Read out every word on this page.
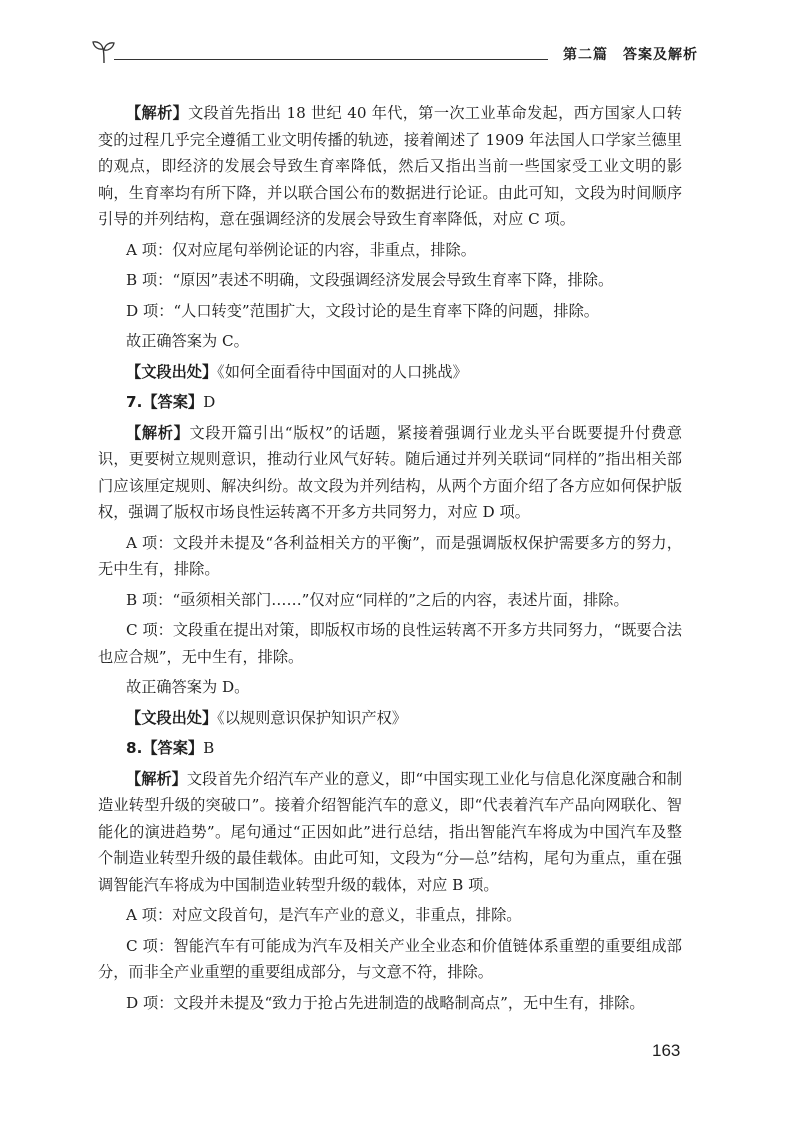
第二篇　答案及解析

【解析】文段首先指出 18 世纪 40 年代，第一次工业革命发起，西方国家人口转变的过程几乎完全遵循工业文明传播的轨迹，接着阐述了 1909 年法国人口学家兰德里的观点，即经济的发展会导致生育率降低，然后又指出当前一些国家受工业文明的影响，生育率均有所下降，并以联合国公布的数据进行论证。由此可知，文段为时间顺序引导的并列结构，意在强调经济的发展会导致生育率降低，对应 C 项。

A 项：仅对应尾句举例论证的内容，非重点，排除。

B 项：“原因”表述不明确，文段强调经济发展会导致生育率下降，排除。

D 项：“人口转变”范围扩大，文段讨论的是生育率下降的问题，排除。

故正确答案为 C。

【文段出处】《如何全面看待中国面对的人口挑战》

7.【答案】D

【解析】文段开篇引出“版权”的话题，紧接着强调行业龙头平台既要提升付费意识，更要树立规则意识，推动行业风气好转。随后通过并列关联词“同样的”指出相关部门应该厘定规则、解决纠纷。故文段为并列结构，从两个方面介绍了各方应如何保护版权，强调了版权市场良性运转离不开多方共同努力，对应 D 项。

A 项：文段并未提及“各利益相关方的平衡”，而是强调版权保护需要多方的努力，无中生有，排除。

B 项：“亟须相关部门……”仅对应“同样的”之后的内容，表述片面，排除。

C 项：文段重在提出对策，即版权市场的良性运转离不开多方共同努力，“既要合法也应合规”，无中生有，排除。

故正确答案为 D。

【文段出处】《以规则意识保护知识产权》

8.【答案】B

【解析】文段首先介绍汽车产业的意义，即“中国实现工业化与信息化深度融合和制造业转型升级的突破口”。接着介绍智能汽车的意义，即“代表着汽车产品向网联化、智能化的演进趋势”。尾句通过“正因如此”进行总结，指出智能汽车将成为中国汽车及整个制造业转型升级的最佳载体。由此可知，文段为“分—总”结构，尾句为重点，重在强调智能汽车将成为中国制造业转型升级的载体，对应 B 项。

A 项：对应文段首句，是汽车产业的意义，非重点，排除。

C 项：智能汽车有可能成为汽车及相关产业全业态和价值链体系重塑的重要组成部分，而非全产业重塑的重要组成部分，与文意不符，排除。

D 项：文段并未提及“致力于抢占先进制造的战略制高点”，无中生有，排除。

163
